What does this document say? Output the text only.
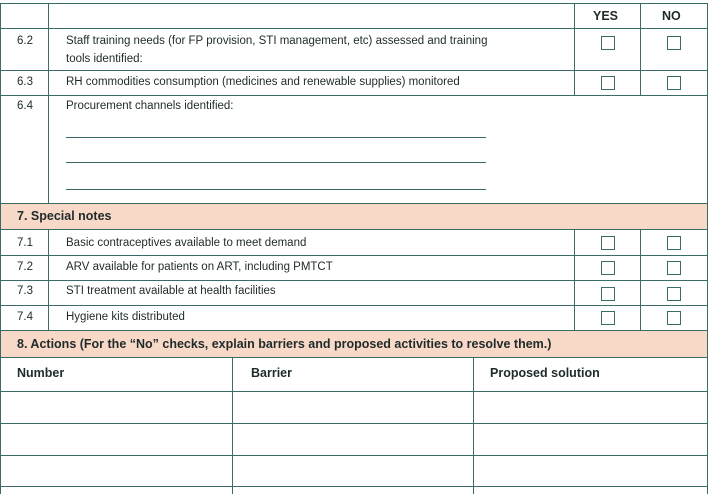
YES	NO
6.2	Staff training needs (for FP provision, STI management, etc) assessed and training
tools identified:
6.3	RH commodities consumption (medicines and renewable supplies) monitored
6.4	Procurement channels identified:
7. Special notes
7.1	Basic contraceptives available to meet demand
7.2	ARV available for patients on ART, including PMTCT
7.3	STI treatment available at health facilities
7.4	Hygiene kits distributed
8. Actions (For the “No” checks, explain barriers and proposed activities to resolve them.)
Number	Barrier	Proposed solution
